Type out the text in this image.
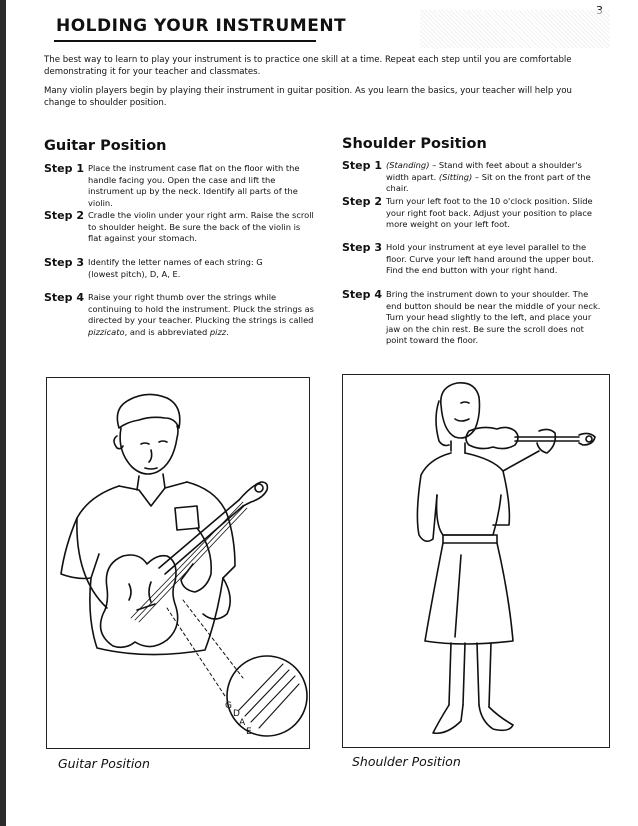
HOLDING YOUR INSTRUMENT

The best way to learn to play your instrument is to practice one skill at a time. Repeat each step until you are comfortable demonstrating it for your teacher and classmates.

Many violin players begin by playing their instrument in guitar position. As you learn the basics, your teacher will help you change to shoulder position.

Guitar Position
Step 1 Place the instrument case flat on the floor with the handle facing you. Open the case and lift the instrument up by the neck. Identify all parts of the violin.
Step 2 Cradle the violin under your right arm. Raise the scroll to shoulder height. Be sure the back of the violin is flat against your stomach.
Step 3 Identify the letter names of each string: G (lowest pitch), D, A, E.
Step 4 Raise your right thumb over the strings while continuing to hold the instrument. Pluck the strings as directed by your teacher. Plucking the strings is called pizzicato, and is abbreviated pizz.
Shoulder Position
Step 1 (Standing) – Stand with feet about a shoulder's width apart. (Sitting) – Sit on the front part of the chair.
Step 2 Turn your left foot to the 10 o'clock position. Slide your right foot back. Adjust your position to place more weight on your left foot.
Step 3 Hold your instrument at eye level parallel to the floor. Curve your left hand around the upper bout. Find the end button with your right hand.
Step 4 Bring the instrument down to your shoulder. The end button should be near the middle of your neck. Turn your head slightly to the left, and place your jaw on the chin rest. Be sure the scroll does not point toward the floor.
G
D
A
E
Guitar Position	Shoulder Position
